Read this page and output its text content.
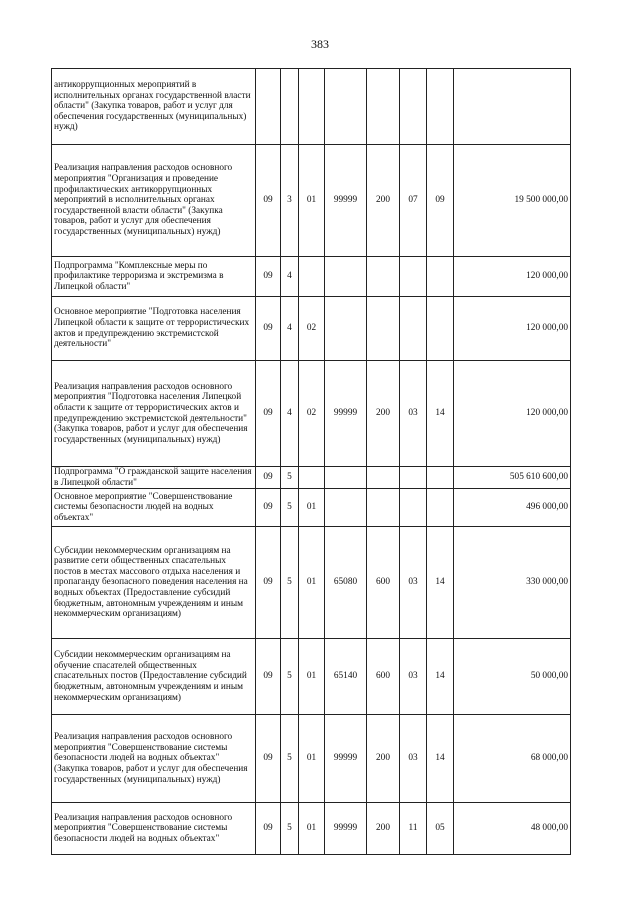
383
антикоррупционных мероприятий в исполнительных органах государственной власти области" (Закупка товаров, работ и услуг для обеспечения государственных (муниципальных) нужд)								
Реализация направления расходов основного мероприятия "Организация и проведение профилактических антикоррупционных мероприятий в исполнительных органах государственной власти области" (Закупка товаров, работ и услуг для обеспечения государственных (муниципальных) нужд)	09	3	01	99999	200	07	09	19 500 000,00
Подпрограмма "Комплексные меры по профилактике терроризма и экстремизма в Липецкой области"	09	4						120 000,00
Основное мероприятие "Подготовка населения Липецкой области к защите от террористических актов и предупреждению экстремистской деятельности"	09	4	02					120 000,00
Реализация направления расходов основного мероприятия "Подготовка населения Липецкой области к защите от террористических актов и предупреждению экстремистской деятельности" (Закупка товаров, работ и услуг для обеспечения государственных (муниципальных) нужд)	09	4	02	99999	200	03	14	120 000,00
Подпрограмма "О гражданской защите населения в Липецкой области"	09	5						505 610 600,00
Основное мероприятие "Совершенствование системы безопасности людей на водных объектах"	09	5	01					496 000,00
Субсидии некоммерческим организациям на развитие сети общественных спасательных постов в местах массового отдыха населения и пропаганду безопасного поведения населения на водных объектах (Предоставление субсидий бюджетным, автономным учреждениям и иным некоммерческим организациям)	09	5	01	65080	600	03	14	330 000,00
Субсидии некоммерческим организациям на обучение спасателей общественных спасательных постов (Предоставление субсидий бюджетным, автономным учреждениям и иным некоммерческим организациям)	09	5	01	65140	600	03	14	50 000,00
Реализация направления расходов основного мероприятия "Совершенствование системы безопасности людей на водных объектах" (Закупка товаров, работ и услуг для обеспечения государственных (муниципальных) нужд)	09	5	01	99999	200	03	14	68 000,00
Реализация направления расходов основного мероприятия "Совершенствование системы безопасности людей на водных объектах"	09	5	01	99999	200	11	05	48 000,00
